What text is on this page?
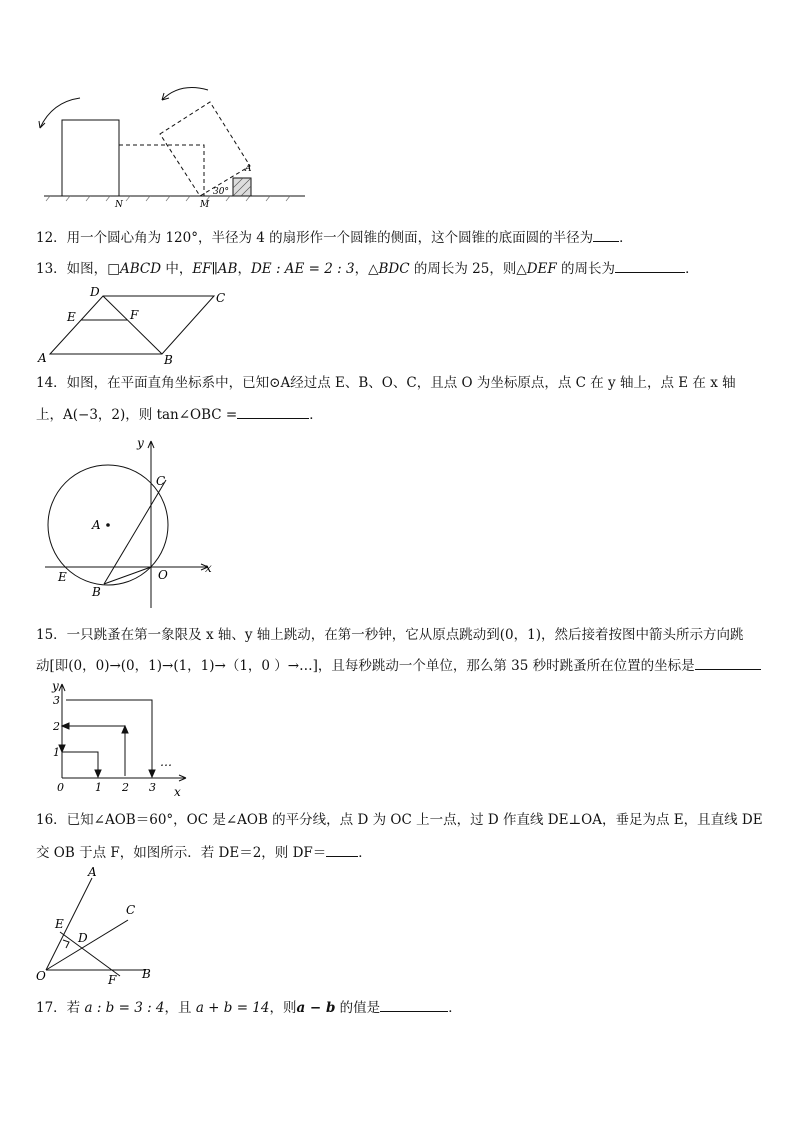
N	M
A
30°
12．用一个圆心角为 120°，半径为 4 的扇形作一个圆锥的侧面，这个圆锥的底面圆的半径为 ．
13．如图，□ABCD 中，EF∥AB，DE : AE = 2 : 3，△BDC 的周长为 25，则△DEF 的周长为	．
A	B
C
D
E	F
14．如图，在平面直角坐标系中，已知⊙A经过点 E、B、O、C，且点 O 为坐标原点，点 C 在 y 轴上，点 E 在 x 轴
上，A(−3，2)，则 tan∠OBC =	．
y
x
C
A
E	O
B
15．一只跳蚤在第一象限及 x 轴、y 轴上跳动，在第一秒钟，它从原点跳动到(0，1)，然后接着按图中箭头所示方向跳
动[即(0，0)→(0，1)→(1，1)→（1，0 ）→…]，且每秒跳动一个单位，那么第 35 秒时跳蚤所在位置的坐标是
y
x
0	1 2 3
1
2
3
…
16．已知∠AOB＝60°，OC 是∠AOB 的平分线，点 D 为 OC 上一点，过 D 作直线 DE⊥OA，垂足为点 E，且直线 DE
交 OB 于点 F，如图所示．若 DE＝2，则 DF＝ ．
A
C
E
D
O	F B
17．若 a : b = 3 : 4，且 a + b = 14，则a − b 的值是	．
